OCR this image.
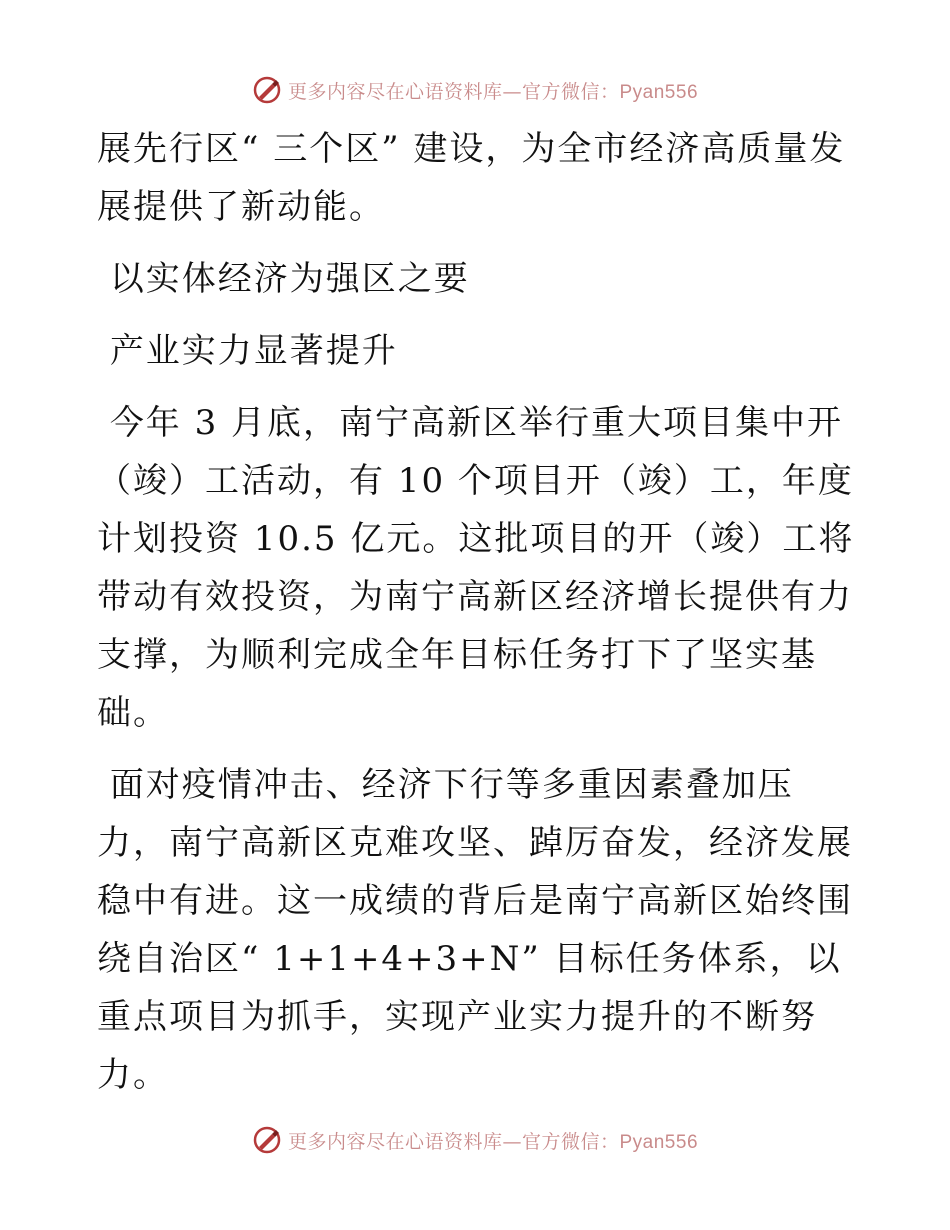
更多内容尽在心语资料库—官方微信：Pyan556

展先行区“ 三个区” 建设，为全市经济高质量发展提供了新动能。

以实体经济为强区之要

产业实力显著提升

今年 3 月底，南宁高新区举行重大项目集中开（竣）工活动，有 10 个项目开（竣）工，年度计划投资 10.5 亿元。这批项目的开（竣）工将带动有效投资，为南宁高新区经济增长提供有力支撑，为顺利完成全年目标任务打下了坚实基础。

面对疫情冲击、经济下行等多重因素叠加压力，南宁高新区克难攻坚、踔厉奋发，经济发展稳中有进。这一成绩的背后是南宁高新区始终围绕自治区“ 1+1+4+3+N” 目标任务体系，以重点项目为抓手，实现产业实力提升的不断努力。

更多内容尽在心语资料库—官方微信：Pyan556
